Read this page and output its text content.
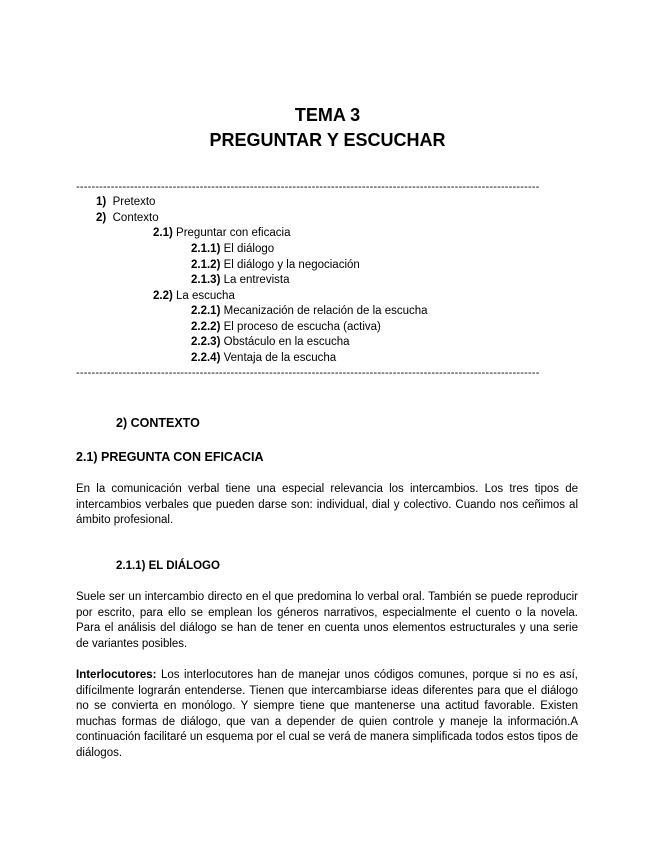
TEMA 3
PREGUNTAR Y ESCUCHAR
------------------------------------------------------------------------------------------------------------------------
1) Pretexto
2) Contexto
2.1) Preguntar con eficacia
2.1.1) El diálogo
2.1.2) El diálogo y la negociación
2.1.3) La entrevista
2.2) La escucha
2.2.1) Mecanización de relación de la escucha
2.2.2) El proceso de escucha (activa)
2.2.3) Obstáculo en la escucha
2.2.4) Ventaja de la escucha
------------------------------------------------------------------------------------------------------------------------
2) CONTEXTO
2.1) PREGUNTA CON EFICACIA
En la comunicación verbal tiene una especial relevancia los intercambios. Los tres tipos de intercambios verbales que pueden darse son: individual, dial y colectivo. Cuando nos ceñimos al ámbito profesional.
2.1.1) EL DIÁLOGO
Suele ser un intercambio directo en el que predomina lo verbal oral. También se puede reproducir por escrito, para ello se emplean los géneros narrativos, especialmente el cuento o la novela. Para el análisis del diálogo se han de tener en cuenta unos elementos estructurales y una serie de variantes posibles.
Interlocutores: Los interlocutores han de manejar unos códigos comunes, porque si no es así, difícilmente lograrán entenderse. Tienen que intercambiarse ideas diferentes para que el diálogo no se convierta en monólogo. Y siempre tiene que mantenerse una actitud favorable. Existen muchas formas de diálogo, que van a depender de quien controle y maneje la información.A continuación facilitaré un esquema por el cual se verá de manera simplificada todos estos tipos de diálogos.
